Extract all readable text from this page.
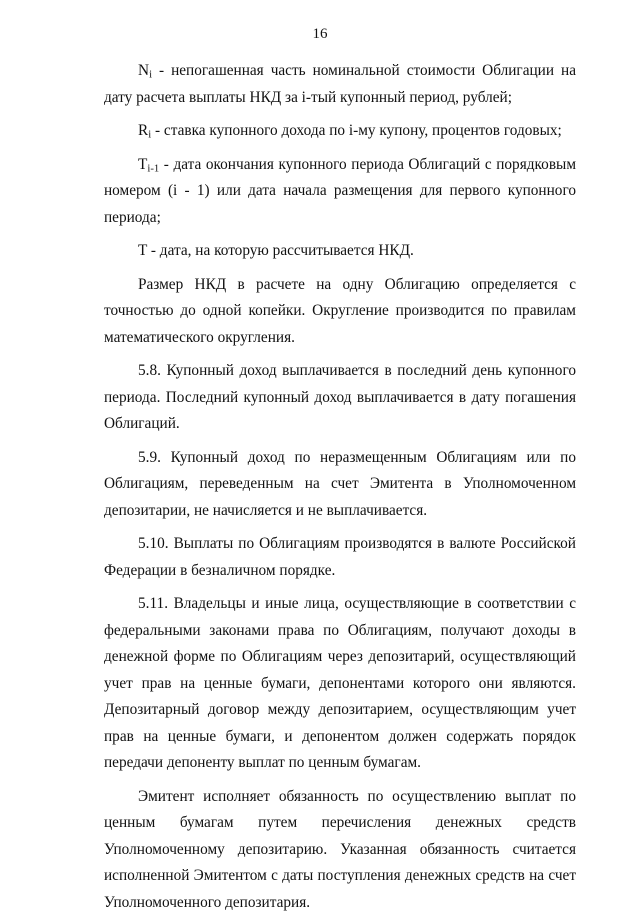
16

$N_i$ - непогашенная часть номинальной стоимости Облигации на дату расчета выплаты НКД за i-тый купонный период, рублей;

$R_i$ - ставка купонного дохода по i-му купону, процентов годовых;

$T_{i-1}$ - дата окончания купонного периода Облигаций с порядковым номером (i - 1) или дата начала размещения для первого купонного периода;

T - дата, на которую рассчитывается НКД.

Размер НКД в расчете на одну Облигацию определяется с точностью до одной копейки. Округление производится по правилам математического округления.

5.8. Купонный доход выплачивается в последний день купонного периода. Последний купонный доход выплачивается в дату погашения Облигаций.

5.9. Купонный доход по неразмещенным Облигациям или по Облигациям, переведенным на счет Эмитента в Уполномоченном депозитарии, не начисляется и не выплачивается.

5.10. Выплаты по Облигациям производятся в валюте Российской Федерации в безналичном порядке.

5.11. Владельцы и иные лица, осуществляющие в соответствии с федеральными законами права по Облигациям, получают доходы в денежной форме по Облигациям через депозитарий, осуществляющий учет прав на ценные бумаги, депонентами которого они являются. Депозитарный договор между депозитарием, осуществляющим учет прав на ценные бумаги, и депонентом должен содержать порядок передачи депоненту выплат по ценным бумагам.

Эмитент исполняет обязанность по осуществлению выплат по ценным бумагам путем перечисления денежных средств Уполномоченному депозитарию. Указанная обязанность считается исполненной Эмитентом с даты поступления денежных средств на счет Уполномоченного депозитария.
